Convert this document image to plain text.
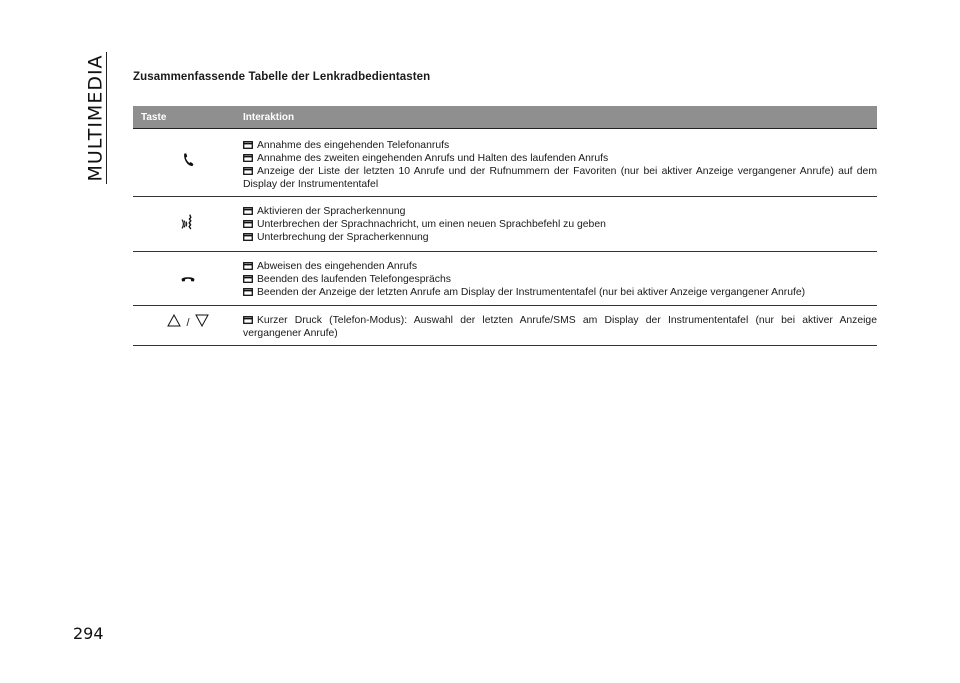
MULTIMEDIA
294
Zusammenfassende Tabelle der Lenkradbedientasten
Taste	Interaktion
Annahme des eingehenden Telefonanrufs
Annahme des zweiten eingehenden Anrufs und Halten des laufenden Anrufs
Anzeige der Liste der letzten 10 Anrufe und der Rufnummern der Favoriten (nur bei aktiver Anzeige vergangener Anrufe) auf dem Display der Instrumententafel
Aktivieren der Spracherkennung
Unterbrechen der Sprachnachricht, um einen neuen Sprachbefehl zu geben
Unterbrechung der Spracherkennung
Abweisen des eingehenden Anrufs
Beenden des laufenden Telefongesprächs
Beenden der Anzeige der letzten Anrufe am Display der Instrumententafel (nur bei aktiver Anzeige vergangener Anrufe)
/	Kurzer Druck (Telefon-Modus): Auswahl der letzten Anrufe/SMS am Display der Instrumententafel (nur bei aktiver Anzeige vergangener Anrufe)
